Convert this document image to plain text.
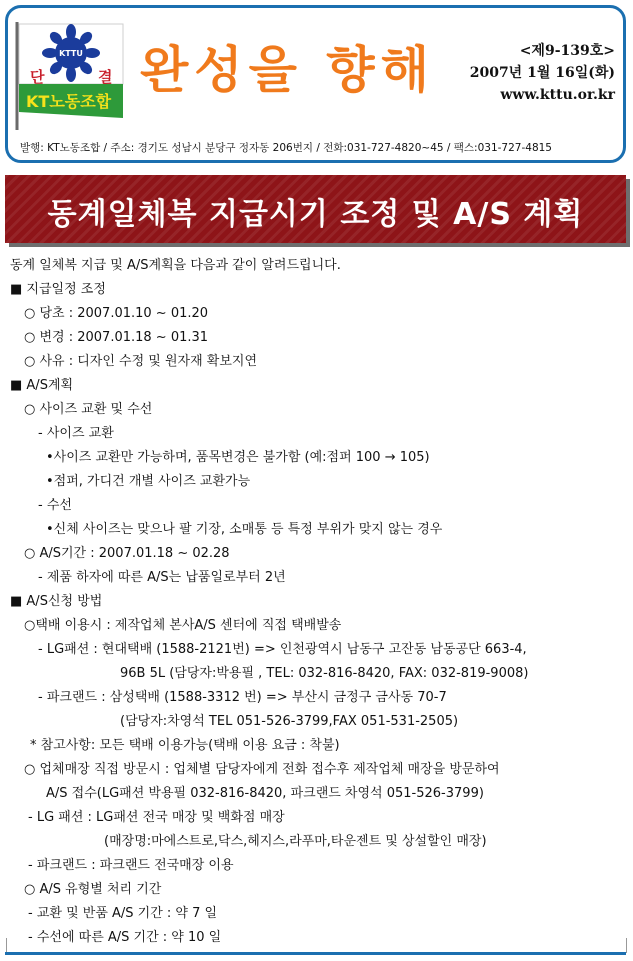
KTTU
단	결
KT노동조합
완성을 향해	<제9-139호>
2007년 1월 16일(화)
www.kttu.or.kr
발행: KT노동조합 / 주소: 경기도 성남시 분당구 정자동 206번지 / 전화:031-727-4820~45 / 팩스:031-727-4815
동계일체복 지급시기 조정 및 A/S 계획
동계 일체복 지급 및 A/S계획을 다음과 같이 알려드립니다.
■ 지급일정 조정
○ 당초 : 2007.01.10 ~ 01.20
○ 변경 : 2007.01.18 ~ 01.31
○ 사유 : 디자인 수정 및 원자재 확보지연
■ A/S계획
○ 사이즈 교환 및 수선
- 사이즈 교환
•사이즈 교환만 가능하며, 품목변경은 불가함 (예:점퍼 100 → 105)
•점퍼, 가디건 개별 사이즈 교환가능
- 수선
•신체 사이즈는 맞으나 팔 기장, 소매통 등 특정 부위가 맞지 않는 경우
○ A/S기간 : 2007.01.18 ~ 02.28
- 제품 하자에 따른 A/S는 납품일로부터 2년
■ A/S신청 방법
○택배 이용시 : 제작업체 본사A/S 센터에 직접 택배발송
- LG패션 : 현대택배 (1588-2121번) => 인천광역시 남동구 고잔동 남동공단 663-4,
96B 5L (담당자:박용필 , TEL: 032-816-8420, FAX: 032-819-9008)
- 파크랜드 : 삼성택배 (1588-3312 번) => 부산시 금정구 금사동 70-7
(담당자:차영석 TEL 051-526-3799,FAX 051-531-2505)
* 참고사항: 모든 택배 이용가능(택배 이용 요금 : 착불)
○ 업체매장 직접 방문시 : 업체별 담당자에게 전화 접수후 제작업체 매장을 방문하여
A/S 접수(LG패션 박용필 032-816-8420, 파크랜드 차영석 051-526-3799)
- LG 패션 : LG패션 전국 매장 및 백화점 매장
(매장명:마에스트로,닥스,헤지스,라푸마,타운젠트 및 상설할인 매장)
- 파크랜드 : 파크랜드 전국매장 이용
○ A/S 유형별 처리 기간
- 교환 및 반품 A/S 기간 : 약 7 일
- 수선에 따른 A/S 기간 : 약 10 일
